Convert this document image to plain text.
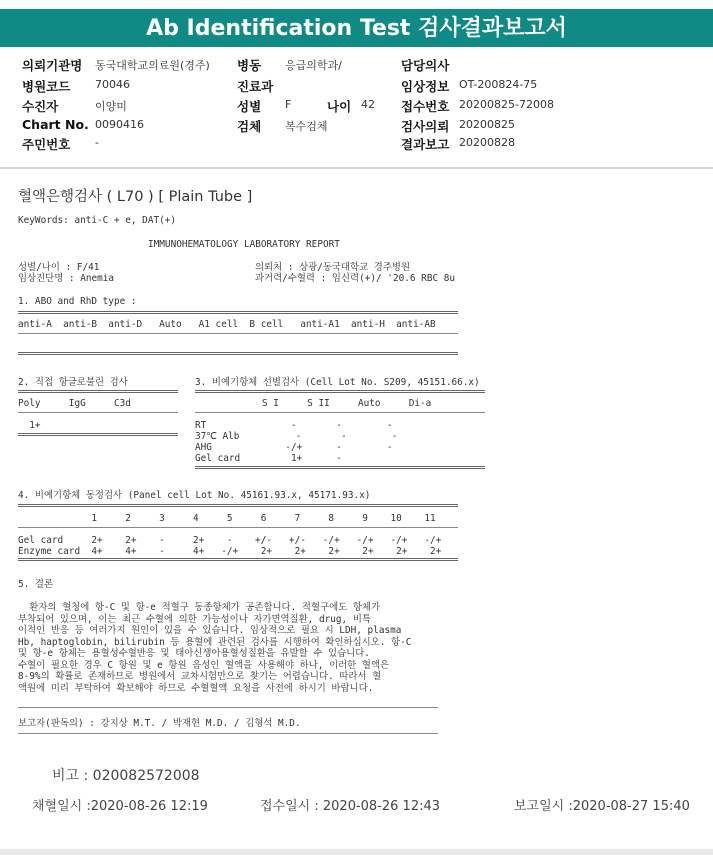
Ab Identification Test 검사결과보고서
의뢰기관명 동국대학교의료원(경주)
병원코드 70046
수진자	이양미
Chart No. 0090416
주민번호 -
병동 응급의학과/
진료과
성별 F	나이 42
검체 복수검체
담당의사
임상정보 OT-200824-75
접수번호 20200825-72008
검사의뢰 20200825
결과보고 20200828
혈액은행검사 ( L70 ) [ Plain Tube ]
KeyWords: anti-C + e, DAT(+)
IMMUNOHEMATOLOGY LABORATORY REPORT
성별/나이 : F/41
임상진단명 : Anemia
의뢰처 : 상광/동국대학교 경주병원
과거력/수혈력 : 임신력(+)/ '20.6 RBC 8u
1. ABO and RhD type :
anti-A  anti-B  anti-D   Auto   A1 cell  B cell   anti-A1  anti-H  anti-AB
2. 직접 항글로불린 검사
Poly     IgG     C3d
1+
3. 비예기항체 선별검사 (Cell Lot No. S209, 45151.66.x)
S I     S II     Auto     Di-a
RT               -       -        -
37℃ Alb          -       -        -
AHG             -/+      -        -
Gel card         1+      -
4. 비예기항체 동정검사 (Panel cell Lot No. 45161.93.x, 45171.93.x)
1     2     3     4     5     6     7     8     9    10    11
Gel card     2+    2+    -     2+    -    +/-   +/-   -/+   -/+   -/+   -/+
Enzyme card  4+    4+    -     4+   -/+    2+    2+    2+    2+    2+    2+
5. 결론
환자의 혈청에 항-C 및 항-e 적혈구 동종항체가 공존합니다. 적혈구에도 항체가
부착되어 있으며, 이는 최근 수혈에 의한 가능성이나 자가면역질환, drug, 비특
이적인 반응 등 여러가지 원인이 있을 수 있습니다. 임상적으로 필요 시 LDH, plasma
Hb, haptoglobin, bilirubin 등 용혈에 관련된 검사를 시행하여 확인하십시오. 항-C
및 항-e 항체는 용혈성수혈반응 및 태아신생아용혈성질환을 유발할 수 있습니다.
수혈이 필요한 경우 C 항원 및 e 항원 음성인 혈액을 사용해야 하나, 이러한 혈액은
8-9%의 확률로 존재하므로 병원에서 교차시험만으로 찾기는 어렵습니다. 따라서 혈
액원에 미리 부탁하여 확보해야 하므로 수혈혈액 요청을 사전에 하시기 바랍니다.
보고자(판독의) : 강지상 M.T. / 박재현 M.D. / 김형석 M.D.
비고 : 020082572008
채혈일시 :2020-08-26 12:19	접수일시 : 2020-08-26 12:43	보고일시 :2020-08-27 15:40
